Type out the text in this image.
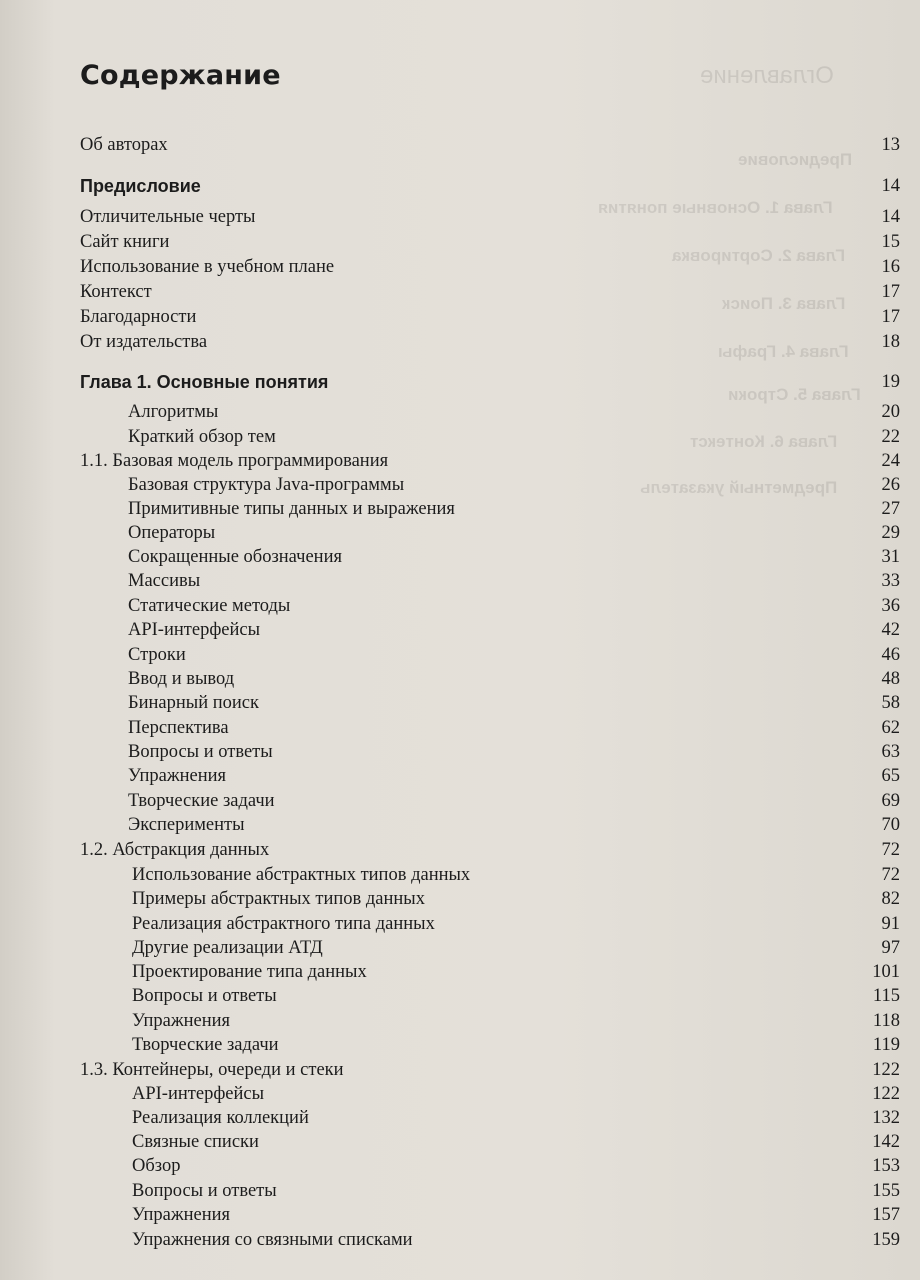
Оглавление
Предисловие
Глава 1. Основные понятия
Глава 2. Сортировка
Глава 3. Поиск
Глава 4. Графы
Глава 5. Строки
Глава 6. Контекст
Предметный указатель
Содержание
Об авторах	13
Предисловие	14
Отличительные черты	14
Сайт книги	15
Использование в учебном плане	16
Контекст	17
Благодарности	17
От издательства	18
Глава 1. Основные понятия	19
Алгоритмы	20
Краткий обзор тем	22
1.1. Базовая модель программирования	24
Базовая структура Java-программы	26
Примитивные типы данных и выражения	27
Операторы	29
Сокращенные обозначения	31
Массивы	33
Статические методы	36
API-интерфейсы	42
Строки	46
Ввод и вывод	48
Бинарный поиск	58
Перспектива	62
Вопросы и ответы	63
Упражнения	65
Творческие задачи	69
Эксперименты	70
1.2. Абстракция данных	72
Использование абстрактных типов данных	72
Примеры абстрактных типов данных	82
Реализация абстрактного типа данных	91
Другие реализации АТД	97
Проектирование типа данных	101
Вопросы и ответы	115
Упражнения	118
Творческие задачи	119
1.3. Контейнеры, очереди и стеки	122
API-интерфейсы	122
Реализация коллекций	132
Связные списки	142
Обзор	153
Вопросы и ответы	155
Упражнения	157
Упражнения со связными списками	159
